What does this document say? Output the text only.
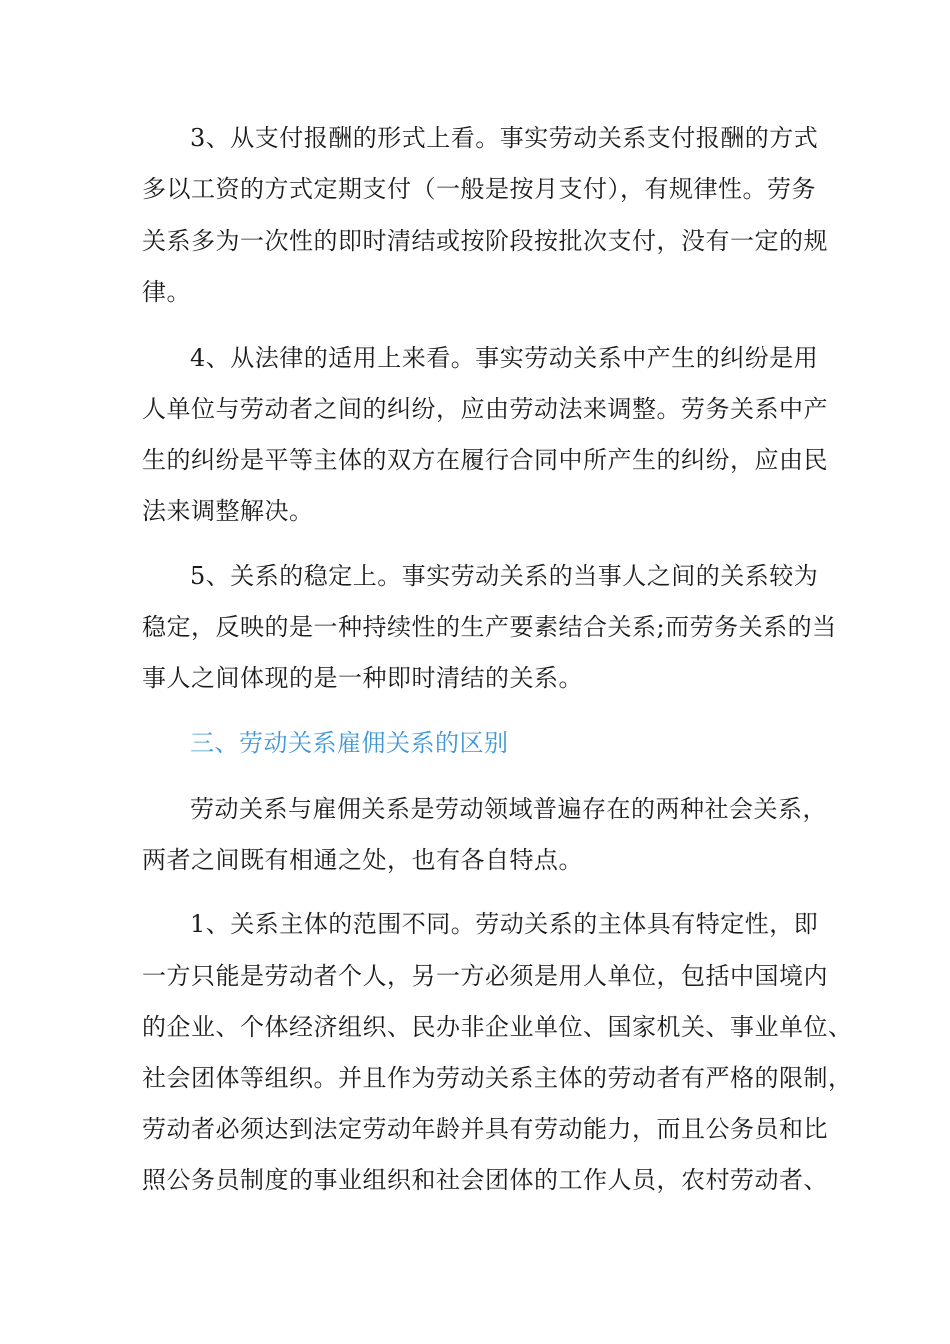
3、从支付报酬的形式上看。事实劳动关系支付报酬的方式
多以工资的方式定期支付（一般是按月支付），有规律性。劳务
关系多为一次性的即时清结或按阶段按批次支付，没有一定的规
律。
4、从法律的适用上来看。事实劳动关系中产生的纠纷是用
人单位与劳动者之间的纠纷，应由劳动法来调整。劳务关系中产
生的纠纷是平等主体的双方在履行合同中所产生的纠纷，应由民
法来调整解决。
5、关系的稳定上。事实劳动关系的当事人之间的关系较为
稳定，反映的是一种持续性的生产要素结合关系;而劳务关系的当
事人之间体现的是一种即时清结的关系。
三、劳动关系雇佣关系的区别
劳动关系与雇佣关系是劳动领域普遍存在的两种社会关系，
两者之间既有相通之处，也有各自特点。
1、关系主体的范围不同。劳动关系的主体具有特定性，即
一方只能是劳动者个人，另一方必须是用人单位，包括中国境内
的企业、个体经济组织、民办非企业单位、国家机关、事业单位、
社会团体等组织。并且作为劳动关系主体的劳动者有严格的限制，
劳动者必须达到法定劳动年龄并具有劳动能力，而且公务员和比
照公务员制度的事业组织和社会团体的工作人员，农村劳动者、
